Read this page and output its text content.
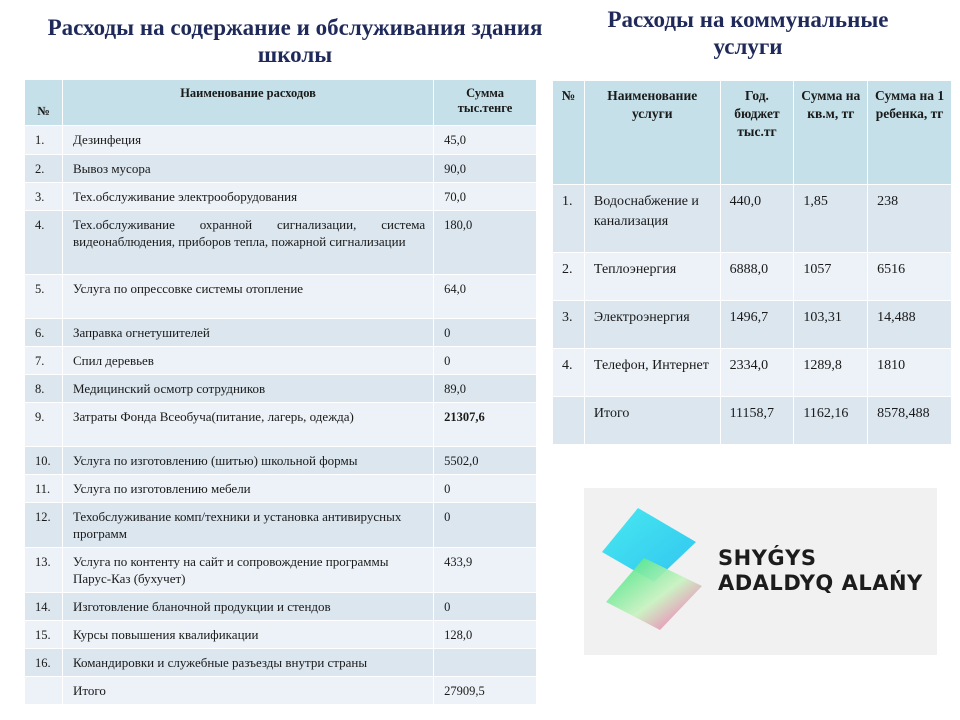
Расходы на содержание и обслуживания здания школы
Расходы на коммунальные услуги
№	Наименование расходов	Сумма тыс.тенге
1.	Дезинфеция	45,0
2.	Вывоз мусора	90,0
3.	Тех.обслуживание электрооборудования	70,0
4.	Тех.обслуживание охранной сигнализации, система видеонаблюдения, приборов тепла, пожарной сигнализации	180,0
5.	Услуга по опрессовке системы отопление	64,0
6.	Заправка огнетушителей	0
7.	Спил деревьев	0
8.	Медицинский осмотр сотрудников	89,0
9.	Затраты Фонда Всеобуча(питание, лагерь, одежда)	21307,6
10.	Услуга по изготовлению (шитью) школьной формы	5502,0
11.	Услуга по изготовлению мебели	0
12.	Техобслуживание комп/техники и установка антивирусных программ	0
13.	Услуга по контенту на сайт и сопровождение программы Парус-Каз (бухучет)	433,9
14.	Изготовление бланочной продукции и стендов	0
15.	Курсы повышения квалификации	128,0
16.	Командировки и служебные разъезды внутри страны	
	Итого	27909,5
№	Наименование услуги	Год. бюджет тыс.тг	Сумма на кв.м, тг	Сумма на 1 ребенка, тг
1.	Водоснабжение и канализация	440,0	1,85	238
2.	Теплоэнергия	6888,0	1057	6516
3.	Электроэнергия	1496,7	103,31	14,488
4.	Телефон, Интернет	2334,0	1289,8	1810
	Итого	11158,7	1162,16	8578,488
SHYǴYS
ADALDYQ ALAŃY
